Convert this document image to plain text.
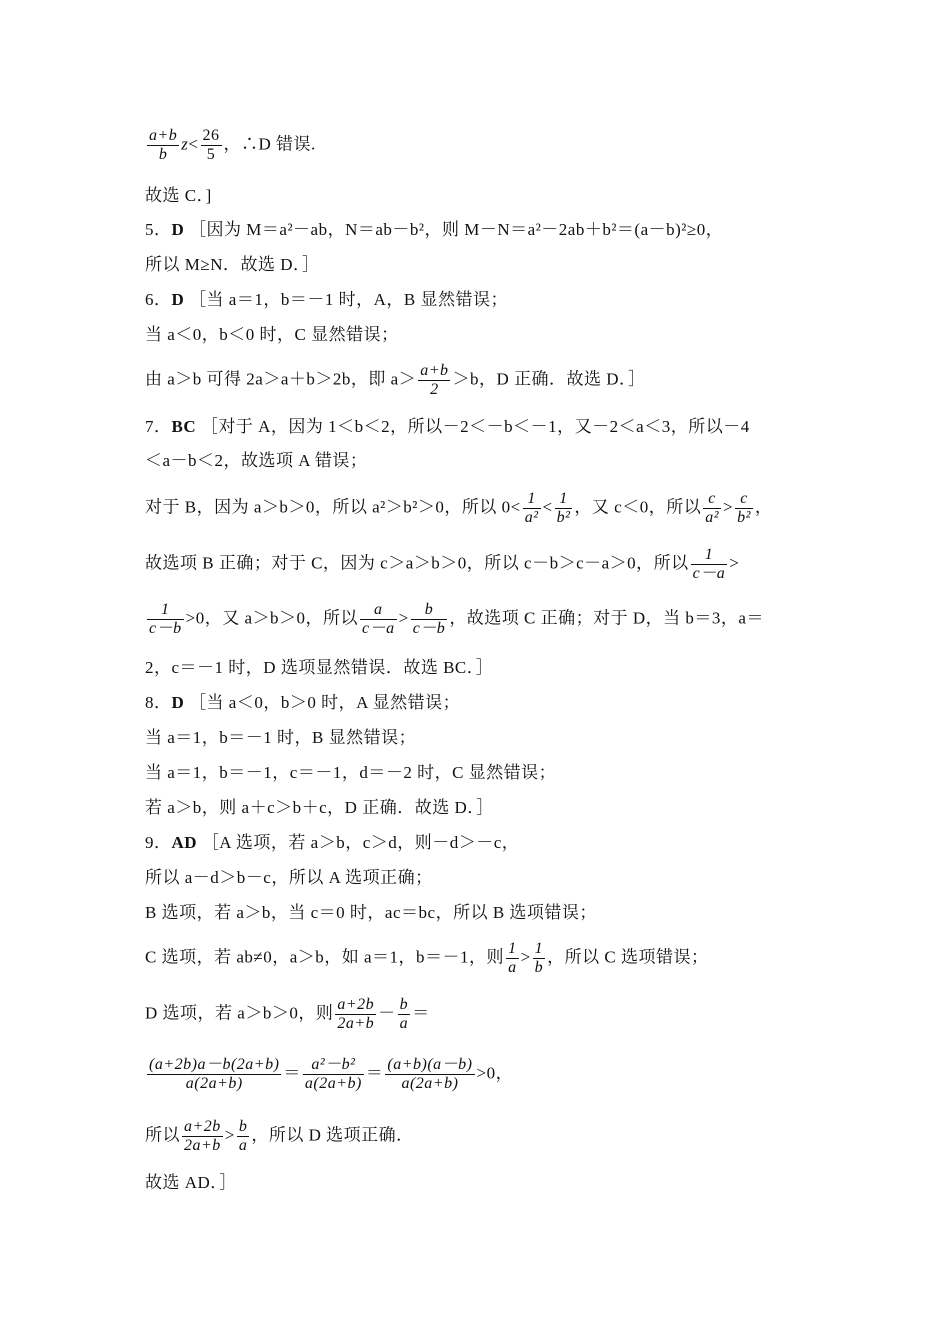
$\frac{a+b}{b} z< \frac{26}{5}$ ，∴D 错误.
故选 C．]
5．D ［因为 M＝a²－ab，N＝ab－b²，则 M－N＝a²－2ab＋b²＝(a－b)²≥0，
所以 M≥N．故选 D．］
6．D ［当 a＝1，b＝－1 时，A，B 显然错误；
当 a＜0，b＜0 时，C 显然错误；
由 a＞b 可得 2a＞a＋b＞2b，即 $a> \frac{a+b}{2} >b$，D 正确．故选 D．］
7．BC ［对于 A，因为 1＜b＜2，所以－2＜－b＜－1，又－2＜a＜3，所以－4
＜a－b＜2，故选项 A 错误；
对于 B，因为 a＞b＞0，所以 a²＞b²＞0，所以 $0< \frac{1}{\text{a²}} < \frac{1}{\text{b²}}$ ，又 c＜0，所以 $\frac{c}{\text{a²}} > \frac{c}{\text{b²}}$ ，
故选项 B 正确；对于 C，因为 c＞a＞b＞0，所以 c－b＞c－a＞0，所以 $\frac{1}{c-a}$ >
$\frac{1}{c-b} >0$，又 a＞b＞0，所以 $\frac{a}{c-a} > \frac{b}{c-b}$ ，故选项 C 正确；对于 D，当 b＝3，a＝
2，c＝－1 时，D 选项显然错误．故选 BC．］
8．D ［当 a＜0，b＞0 时，A 显然错误；
当 a＝1，b＝－1 时，B 显然错误；
当 a＝1，b＝－1，c＝－1，d＝－2 时，C 显然错误；
若 a＞b，则 a＋c＞b＋c，D 正确．故选 D．］
9．AD ［A 选项，若 a＞b，c＞d，则－d＞－c，
所以 a－d＞b－c，所以 A 选项正确；
B 选项，若 a＞b，当 c＝0 时，ac＝bc，所以 B 选项错误；
C 选项，若 ab≠0，a＞b，如 a＝1，b＝－1，则 $\frac{1}{a} > \frac{1}{b}$ ，所以 C 选项错误；
D 选项，若 a＞b＞0，则 $\frac{a+2b}{2a+b} - \frac{b}{a}$ ＝
$\frac{(a+2b)a-b(2a+b)}{a(2a+b)} = \frac{\text{a²－b²}}{a(2a+b)} = \frac{(a+b)(a-b)}{a(2a+b)} >0$，
所以 $\frac{a+2b}{2a+b} > \frac{b}{a}$ ，所以 D 选项正确．
故选 AD．］
